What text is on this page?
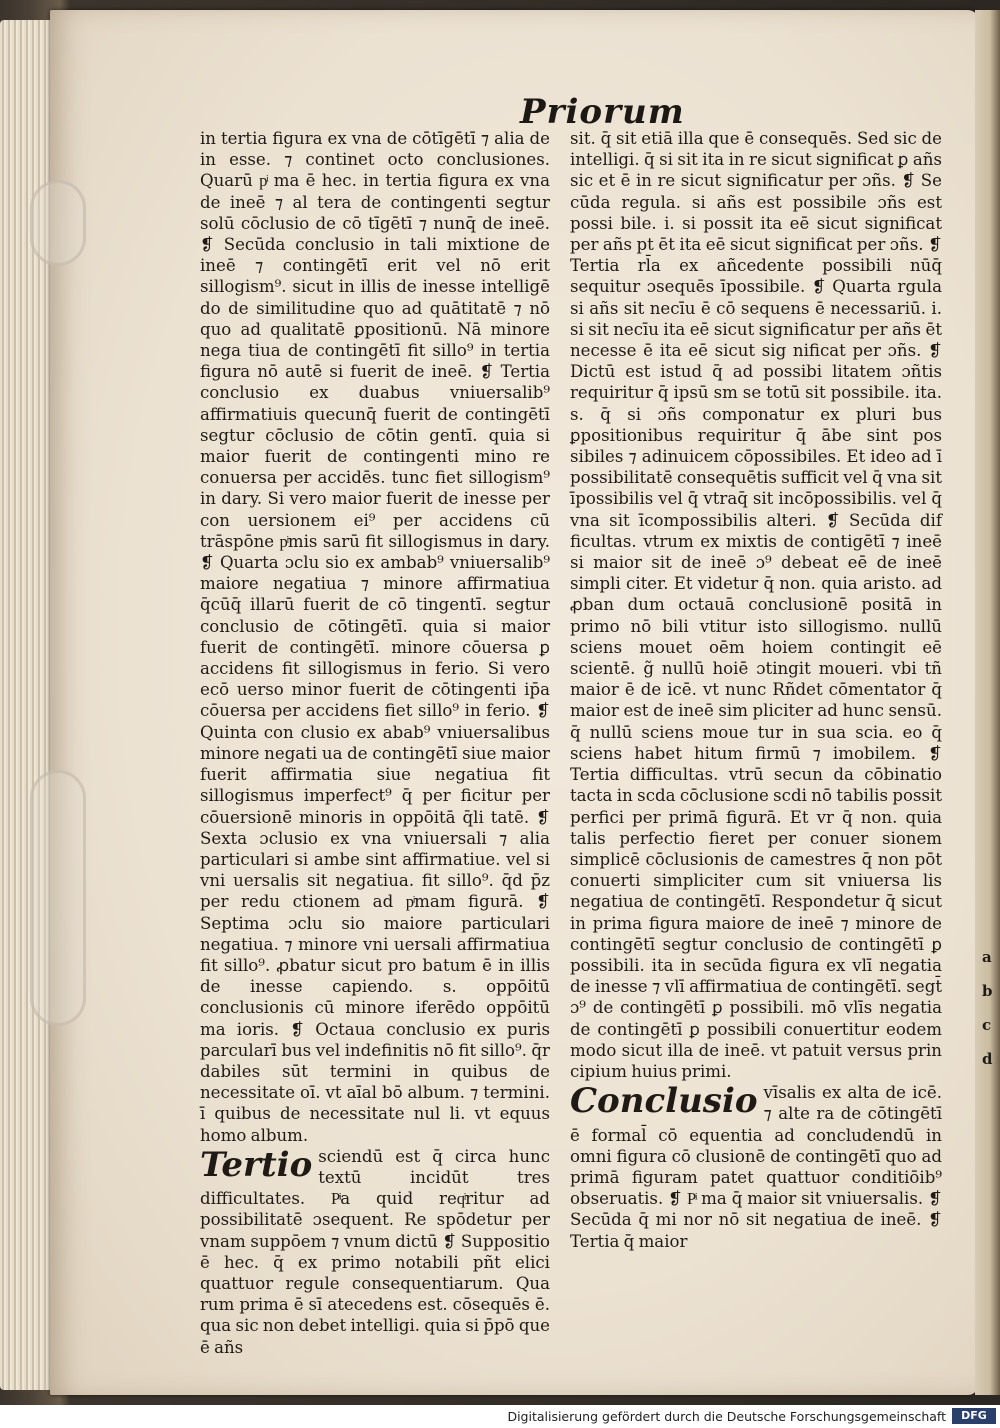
Priorum

in tertia figura ex vna de cōtīgētī ⁊ alia de in esse. ⁊ continet octo conclusiones. Quarū pͥ ma ē hec. in tertia figura ex vna de ineē ⁊ al tera de contingenti segtur solū cōclusio de cō tīgētī ⁊ nunq̄ de ineē. ❡ Secūda conclusio in tali mixtione de ineē ⁊ contingētī erit vel nō erit sillogism⁹. sicut in illis de inesse intelligē do de similitudine quo ad quātitatē ⁊ nō quo ad qualitatē ꝑpositionū. Nā minore nega tiua de contingētī fit sillo⁹ in tertia figura nō autē si fuerit de ineē. ❡ Tertia conclusio ex duabus vniuersalib⁹ affirmatiuis quecunq̄ fuerit de contingētī segtur cōclusio de cōtin gentī. quia si maior fuerit de contingenti mino re conuersa per accidēs. tunc fiet sillogism⁹ in dary. Si vero maior fuerit de inesse per con uersionem ei⁹ per accidens cū trāspōne pͥmis sarū fit sillogismus in dary. ❡ Quarta ɔclu sio ex ambab⁹ vniuersalib⁹ maiore negatiua ⁊ minore affirmatiua q̄cūq̄ illarū fuerit de cō tingentī. segtur conclusio de cōtingētī. quia si maior fuerit de contingētī. minore cōuersa ꝑ accidens fit sillogismus in ferio. Si vero ecō uerso minor fuerit de cōtingenti ip̄a cōuersa per accidens fiet sillo⁹ in ferio. ❡ Quinta con clusio ex abab⁹ vniuersalibus minore negati ua de contingētī siue maior fuerit affirmatia siue negatiua fit sillogismus imperfect⁹ q̄ per ficitur per cōuersionē minoris in oppōitā q̄li tatē. ❡ Sexta ɔclusio ex vna vniuersali ⁊ alia particulari si ambe sint affirmatiue. vel si vni uersalis sit negatiua. fit sillo⁹. q̄d p̄z per redu ctionem ad pͥmam figurā. ❡ Septima ɔclu sio maiore particulari negatiua. ⁊ minore vni uersali affirmatiua fit sillo⁹. ꝓbatur sicut pro batum ē in illis de inesse capiendo. s. oppōitū conclusionis cū minore iferēdo oppōitū ma ioris. ❡ Octaua conclusio ex puris parcularī bus vel indefinitis nō fit sillo⁹. q̄r dabiles sūt termini in quibus de necessitate oī. vt aīal bō album. ⁊ termini. ī quibus de necessitate nul li. vt equus homo album.

Tertio sciendū est q̄ circa hunc textū incidūt tres difficultates. Pͥa quid reqͥritur ad possibilitatē ɔsequent. Re spōdetur per vnam suppōem ⁊ vnum dictū ❡ Suppositio ē hec. q̄ ex primo notabili pñt elici quattuor regule consequentiarum. Qua rum prima ē sī atecedens est. cōsequēs ē. qua sic non debet intelligi. quia si p̄pō que ē añs

sit. q̄ sit etiā illa que ē consequēs. Sed sic de intelligi. q̄ si sit ita in re sicut significat ꝑ añs sic et ē in re sicut significatur per ɔñs. ❡ Se cūda regula. si añs est possibile ɔñs est possi bile. i. si possit ita eē sicut significat per añs pt ēt ita eē sicut significat per ɔñs. ❡ Tertia rl̄a ex añcedente possibili nūq̄ sequitur ɔsequēs īpossibile. ❡ Quarta rgula si añs sit necīu ē cō sequens ē necessariū. i. si sit necīu ita eē sicut significatur per añs ēt necesse ē ita eē sicut sig nificat per ɔñs. ❡ Dictū est istud q̄ ad possibi litatem ɔñtis requiritur q̄ ipsū sm se totū sit possibile. ita. s. q̄ si ɔñs componatur ex pluri bus ꝑpositionibus requiritur q̄ ābe sint pos sibiles ⁊ adinuicem cōpossibiles. Et ideo ad ī possibilitatē consequētis sufficit vel q̄ vna sit īpossibilis vel q̄ vtraq̄ sit incōpossibilis. vel q̄ vna sit īcompossibilis alteri. ❡ Secūda dif ficultas. vtrum ex mixtis de contigētī ⁊ ineē si maior sit de ineē ɔ⁹ debeat eē de ineē simpli citer. Et videtur q̄ non. quia aristo. ad ꝓban dum octauā conclusionē positā in primo nō bili vtitur isto sillogismo. nullū sciens mouet oēm hoiem contingit eē scientē. g̃ nullū hoiē ɔtingit moueri. vbi tñ maior ē de icē. vt nunc Rñdet cōmentator q̄ maior est de ineē sim pliciter ad hunc sensū. q̄ nullū sciens moue tur in sua scia. eo q̄ sciens habet hitum firmū ⁊ imobilem. ❡ Tertia difficultas. vtrū secun da cōbinatio tacta in scda cōclusione scdi nō tabilis possit perfici per primā figurā. Et vr q̄ non. quia talis perfectio fieret per conuer sionem simplicē cōclusionis de camestres q̄ non pōt conuerti simpliciter cum sit vniuersa lis negatiua de contingētī. Respondetur q̄ sicut in prima figura maiore de ineē ⁊ minore de contingētī segtur conclusio de contingētī ꝑ possibili. ita in secūda figura ex vlī negatia de inesse ⁊ vlī affirmatiua de contingētī. segt̄ ɔ⁹ de contingētī ꝑ possibili. mō vlīs negatia de contingētī ꝑ possibili conuertitur eodem modo sicut illa de ineē. vt patuit versus prin cipium huius primi.

Conclusio vīsalis ex alta de icē. ⁊ alte ra de cōtingētī ē formal̄ cō equentia ad concludendū in omni figura cō clusionē de contingētī quo ad primā figuram patet quattuor conditiōib⁹ obseruatis. ❡ Pͥ ma q̄ maior sit vniuersalis. ❡ Secūda q̄ mi nor nō sit negatiua de ineē. ❡ Tertia q̄ maior

a
b
c
d
Digitalisierung gefördert durch die Deutsche Forschungsgemeinschaft	DFG
